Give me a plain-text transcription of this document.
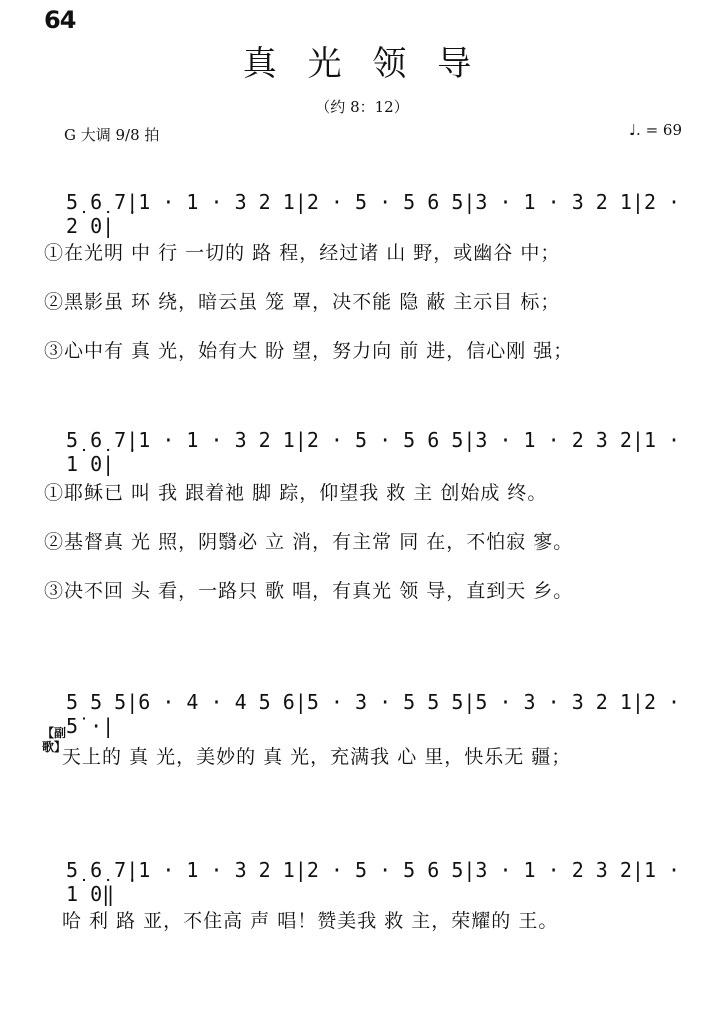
64
真 光 领 导
（约 8：12）
G 大调 9/8 拍	♩. = 69
5̣ 6̣ 7̣|1 · 1 · 3 2 1|2 · 5 · 5 6 5|3 · 1 · 3 2 1|2 · 2 0|
①在光明 中 行 一切的 路 程，经过诸 山 野，或幽谷 中；
②黑影虽 环 绕，暗云虽 笼 罩，决不能 隐 蔽 主示目 标；
③心中有 真 光，始有大 盼 望，努力向 前 进，信心刚 强；
5̣ 6̣ 7̣|1 · 1 · 3 2 1|2 · 5 · 5 6 5|3 · 1 · 2 3 2|1 · 1 0|
①耶稣已 叫 我 跟着祂 脚 踪，仰望我 救 主 创始成 终。
②基督真 光 照，阴翳必 立 消，有主常 同 在，不怕寂 寥。
③决不回 头 看，一路只 歌 唱，有真光 领 导，直到天 乡。
5 5 5|6 · 4 · 4 5 6|5 · 3 · 5 5 5|5 · 3 · 3 2 1|2 · 5̇ ·|
【副歌】
天上的 真 光，美妙的 真 光，充满我 心 里，快乐无 疆；
5̣ 6̣ 7̣|1 · 1 · 3 2 1|2 · 5 · 5 6 5|3 · 1 · 2 3 2|1 · 1 0‖
哈 利 路 亚，不住高 声 唱！赞美我 救 主，荣耀的 王。
